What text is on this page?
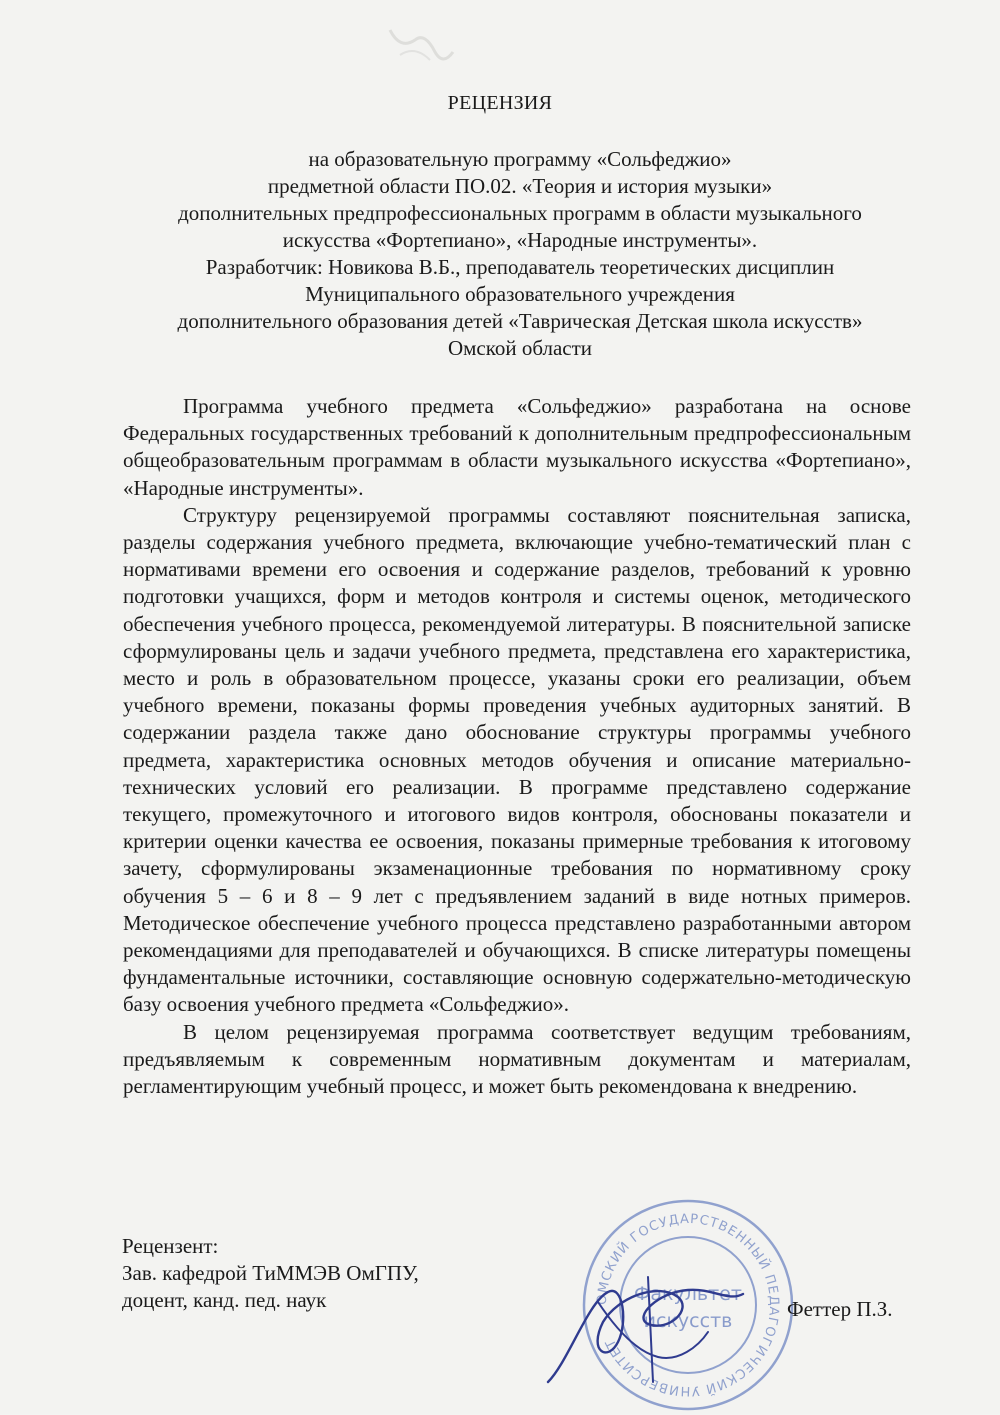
РЕЦЕНЗИЯ
на образовательную программу «Сольфеджио»
предметной области ПО.02. «Теория и история музыки»
дополнительных предпрофессиональных программ в области музыкального
искусства «Фортепиано», «Народные инструменты».
Разработчик: Новикова В.Б., преподаватель теоретических дисциплин
Муниципального образовательного учреждения
дополнительного образования детей «Таврическая Детская школа искусств»
Омской области

Программа учебного предмета «Сольфеджио» разработана на основе Федеральных государственных требований к дополнительным предпрофессиональным общеобразовательным программам в области музыкального искусства «Фортепиано», «Народные инструменты».

Структуру рецензируемой программы составляют пояснительная записка, разделы содержания учебного предмета, включающие учебно-тематический план с нормативами времени его освоения и содержание разделов, требований к уровню подготовки учащихся, форм и методов контроля и системы оценок, методического обеспечения учебного процесса, рекомендуемой литературы. В пояснительной записке сформулированы цель и задачи учебного предмета, представлена его характеристика, место и роль в образовательном процессе, указаны сроки его реализации, объем учебного времени, показаны формы проведения учебных аудиторных занятий. В содержании раздела также дано обоснование структуры программы учебного предмета, характеристика основных методов обучения и описание материально-технических условий его реализации. В программе представлено содержание текущего, промежуточного и итогового видов контроля, обоснованы показатели и критерии оценки качества ее освоения, показаны примерные требования к итоговому зачету, сформулированы экзаменационные требования по нормативному сроку обучения 5 – 6 и 8 – 9 лет с предъявлением заданий в виде нотных примеров. Методическое обеспечение учебного процесса представлено разработанными автором рекомендациями для преподавателей и обучающихся. В списке литературы помещены фундаментальные источники, составляющие основную содержательно-методическую базу освоения учебного предмета «Сольфеджио».

В целом рецензируемая программа соответствует ведущим требованиям, предъявляемым к современным нормативным документам и материалам, регламентирующим учебный процесс, и может быть рекомендована к внедрению.

Рецензент:
Зав. кафедрой ТиММЭВ ОмГПУ,
доцент, канд. пед. наук	ОМСКИЙ ГОСУДАРСТВЕННЫЙ ПЕДАГОГИЧЕСКИЙ УНИВЕРСИТЕТ
Факультет
искусств	Феттер П.З.
